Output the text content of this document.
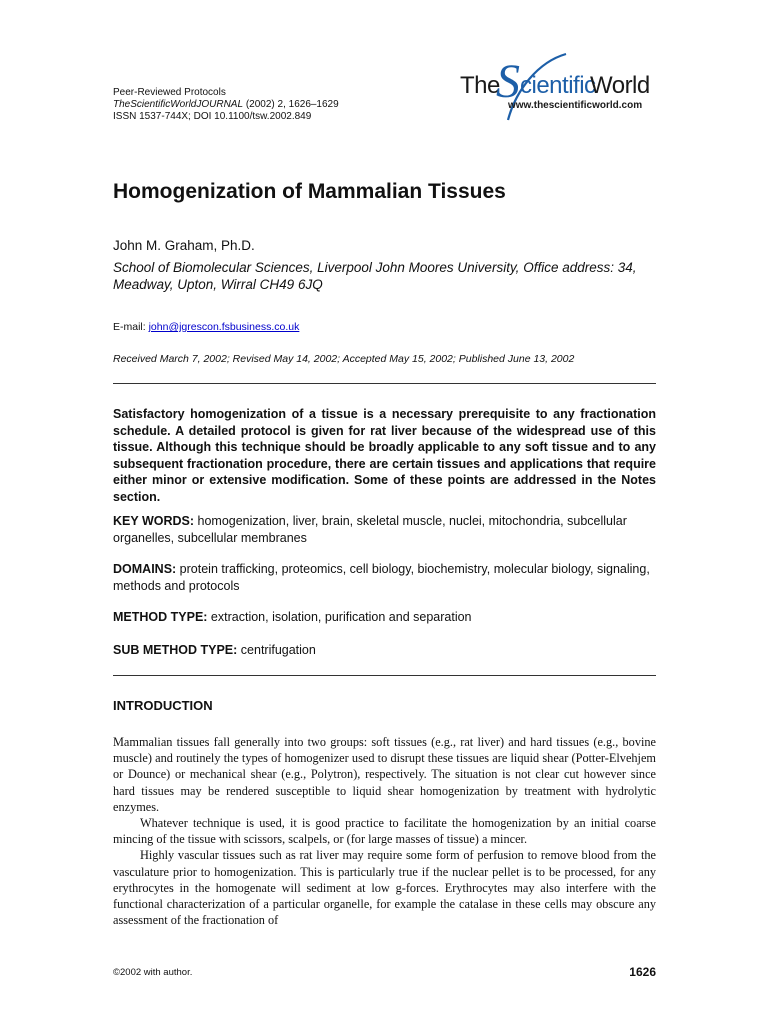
Peer-Reviewed Protocols
TheScientificWorldJOURNAL (2002) 2, 1626–1629
ISSN 1537-744X; DOI 10.1100/tsw.2002.849
The
S cientific
World
www.thescientificworld.com
Homogenization of Mammalian Tissues
John M. Graham, Ph.D.
School of Biomolecular Sciences, Liverpool John Moores University, Office address: 34, Meadway, Upton, Wirral CH49 6JQ
E-mail: john@jgrescon.fsbusiness.co.uk
Received March 7, 2002; Revised May 14, 2002; Accepted May 15, 2002; Published June 13, 2002
Satisfactory homogenization of a tissue is a necessary prerequisite to any fractionation schedule. A detailed protocol is given for rat liver because of the widespread use of this tissue. Although this technique should be broadly applicable to any soft tissue and to any subsequent fractionation procedure, there are certain tissues and applications that require either minor or extensive modification. Some of these points are addressed in the Notes section.
KEY WORDS: homogenization, liver, brain, skeletal muscle, nuclei, mitochondria, subcellular organelles, subcellular membranes
DOMAINS: protein trafficking, proteomics, cell biology, biochemistry, molecular biology, signaling, methods and protocols
METHOD TYPE: extraction, isolation, purification and separation
SUB METHOD TYPE: centrifugation
INTRODUCTION

Mammalian tissues fall generally into two groups: soft tissues (e.g., rat liver) and hard tissues (e.g., bovine muscle) and routinely the types of homogenizer used to disrupt these tissues are liquid shear (Potter-Elvehjem or Dounce) or mechanical shear (e.g., Polytron), respectively. The situation is not clear cut however since hard tissues may be rendered susceptible to liquid shear homogenization by treatment with hydrolytic enzymes.

Whatever technique is used, it is good practice to facilitate the homogenization by an initial coarse mincing of the tissue with scissors, scalpels, or (for large masses of tissue) a mincer.

Highly vascular tissues such as rat liver may require some form of perfusion to remove blood from the vasculature prior to homogenization. This is particularly true if the nuclear pellet is to be processed, for any erythrocytes in the homogenate will sediment at low g-forces. Erythrocytes may also interfere with the functional characterization of a particular organelle, for example the catalase in these cells may obscure any assessment of the fractionation of

©2002 with author.	1626
